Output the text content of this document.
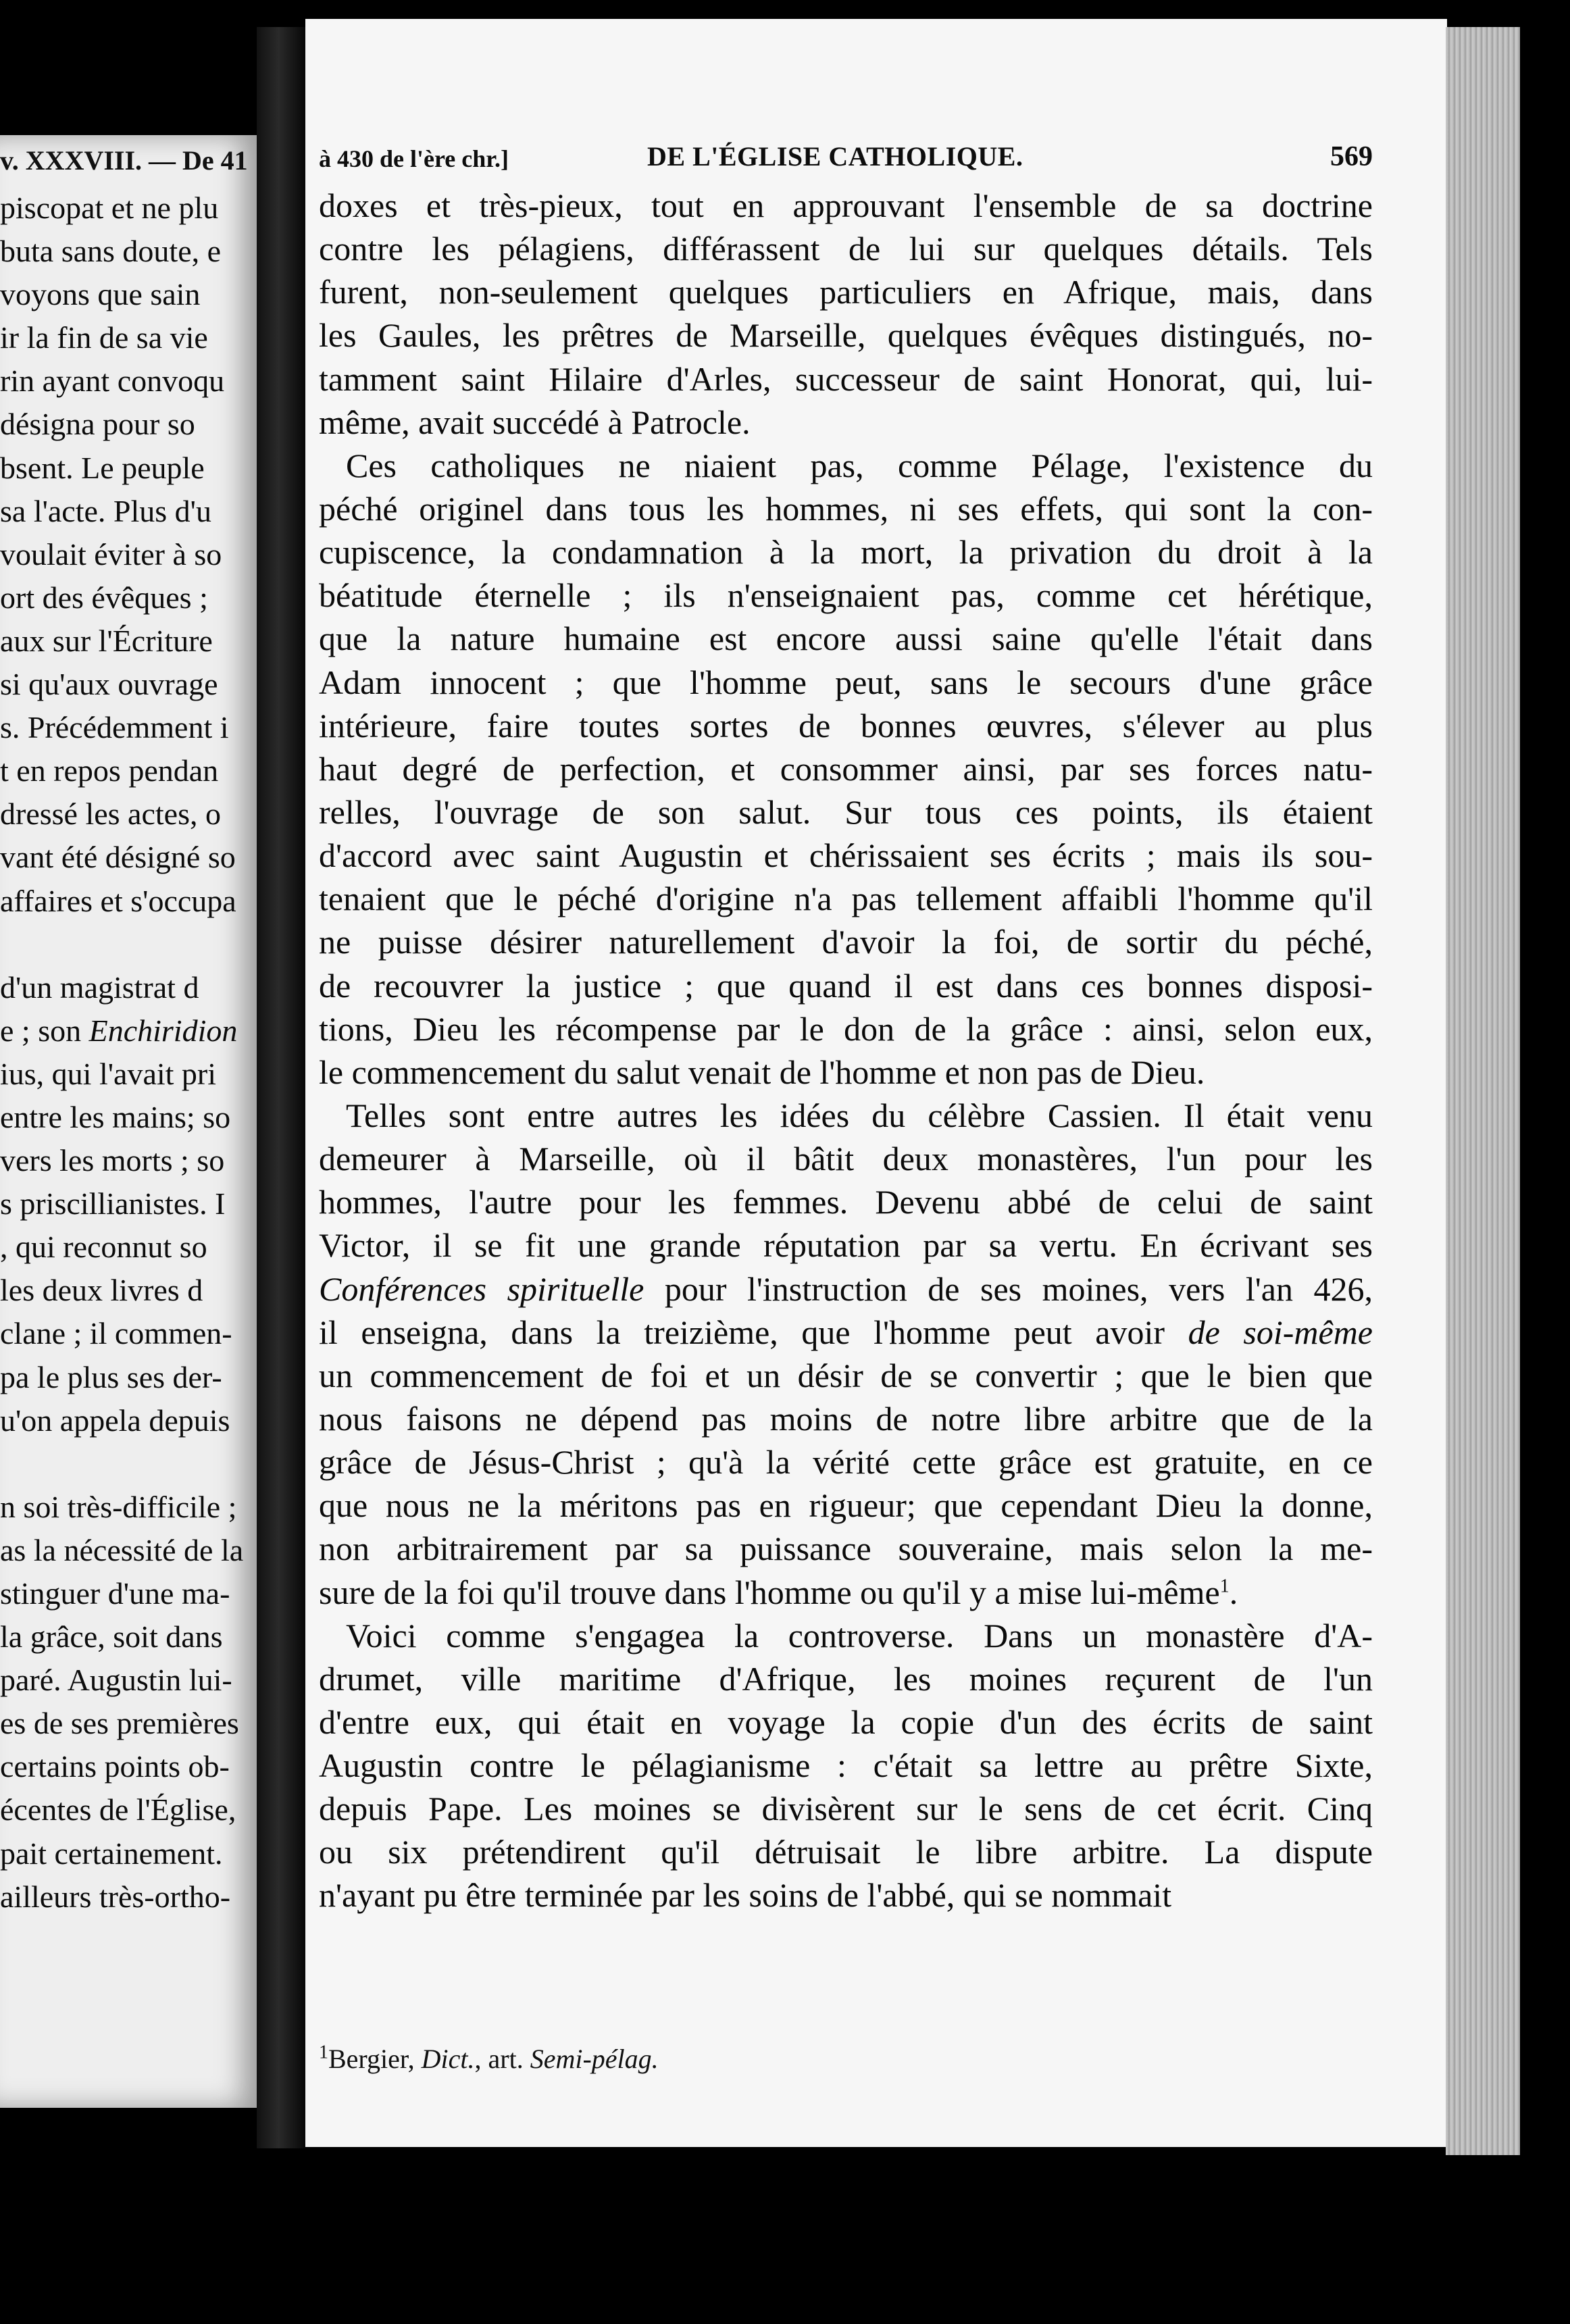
v. XXXVIII. — De 41
piscopat et ne plu
buta sans doute, e
voyons que sain
ir la fin de sa vie
rin ayant convoqu
désigna pour so
bsent. Le peuple
sa l'acte. Plus d'u
voulait éviter à so
ort des évêques ;
aux sur l'Écriture
si qu'aux ouvrage
s. Précédemment i
t en repos pendan
dressé les actes, o
vant été désigné so
affaires et s'occupa
d'un magistrat d
e ; son Enchiridion
ius, qui l'avait pri
entre les mains; so
vers les morts ; so
s priscillianistes. I
, qui reconnut so
les deux livres d
clane ; il commen-
pa le plus ses der-
u'on appela depuis
n soi très-difficile ;
as la nécessité de la
stinguer d'une ma-
la grâce, soit dans
paré. Augustin lui-
es de ses premières
certains points ob-
écentes de l'Église,
pait certainement.
ailleurs très-ortho-
à 430 de l'ère chr.]	DE L'ÉGLISE CATHOLIQUE.	569
doxes et très-pieux, tout en approuvant l'ensemble de sa doctrine
contre les pélagiens, différassent de lui sur quelques détails. Tels
furent, non-seulement quelques particuliers en Afrique, mais, dans
les Gaules, les prêtres de Marseille, quelques évêques distingués, no-
tamment saint Hilaire d'Arles, successeur de saint Honorat, qui, lui-
même, avait succédé à Patrocle.
Ces catholiques ne niaient pas, comme Pélage, l'existence du
péché originel dans tous les hommes, ni ses effets, qui sont la con-
cupiscence, la condamnation à la mort, la privation du droit à la
béatitude éternelle ; ils n'enseignaient pas, comme cet hérétique,
que la nature humaine est encore aussi saine qu'elle l'était dans
Adam innocent ; que l'homme peut, sans le secours d'une grâce
intérieure, faire toutes sortes de bonnes œuvres, s'élever au plus
haut degré de perfection, et consommer ainsi, par ses forces natu-
relles, l'ouvrage de son salut. Sur tous ces points, ils étaient
d'accord avec saint Augustin et chérissaient ses écrits ; mais ils sou-
tenaient que le péché d'origine n'a pas tellement affaibli l'homme qu'il
ne puisse désirer naturellement d'avoir la foi, de sortir du péché,
de recouvrer la justice ; que quand il est dans ces bonnes disposi-
tions, Dieu les récompense par le don de la grâce : ainsi, selon eux,
le commencement du salut venait de l'homme et non pas de Dieu.
Telles sont entre autres les idées du célèbre Cassien. Il était venu
demeurer à Marseille, où il bâtit deux monastères, l'un pour les
hommes, l'autre pour les femmes. Devenu abbé de celui de saint
Victor, il se fit une grande réputation par sa vertu. En écrivant ses
Conférences spirituelle pour l'instruction de ses moines, vers l'an 426,
il enseigna, dans la treizième, que l'homme peut avoir de soi-même
un commencement de foi et un désir de se convertir ; que le bien que
nous faisons ne dépend pas moins de notre libre arbitre que de la
grâce de Jésus-Christ ; qu'à la vérité cette grâce est gratuite, en ce
que nous ne la méritons pas en rigueur; que cependant Dieu la donne,
non arbitrairement par sa puissance souveraine, mais selon la me-
sure de la foi qu'il trouve dans l'homme ou qu'il y a mise lui-même$^1$.
Voici comme s'engagea la controverse. Dans un monastère d'A-
drumet, ville maritime d'Afrique, les moines reçurent de l'un
d'entre eux, qui était en voyage la copie d'un des écrits de saint
Augustin contre le pélagianisme : c'était sa lettre au prêtre Sixte,
depuis Pape. Les moines se divisèrent sur le sens de cet écrit. Cinq
ou six prétendirent qu'il détruisait le libre arbitre. La dispute
n'ayant pu être terminée par les soins de l'abbé, qui se nommait
$^1$Bergier, Dict., art. Semi-pélag.
